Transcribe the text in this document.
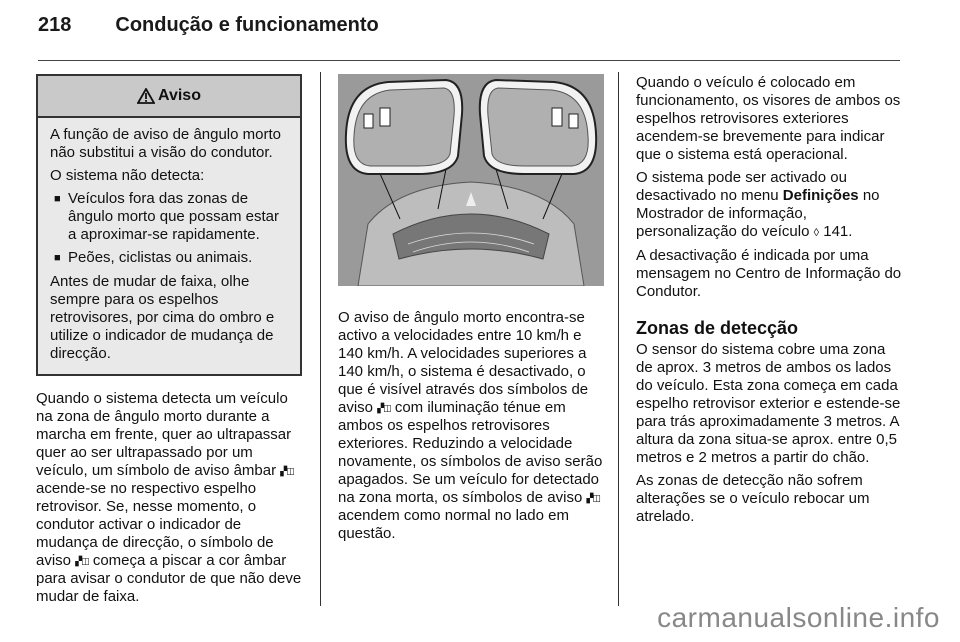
218 Condução e funcionamento
Aviso

A função de aviso de ângulo morto não substitui a visão do condutor.

O sistema não detecta:

■ Veículos fora das zonas de ângulo morto que possam estar a aproximar-se rapidamente.
■ Peões, ciclistas ou animais.

Antes de mudar de faixa, olhe sempre para os espelhos retrovisores, por cima do ombro e utilize o indicador de mudança de direcção.

Quando o sistema detecta um veículo na zona de ângulo morto durante a marcha em frente, quer ao ultrapassar quer ao ser ultrapassado por um veículo, um símbolo de aviso âmbar ▞◫ acende-se no respectivo espelho retrovisor. Se, nesse momento, o condutor activar o indicador de mudança de direcção, o símbolo de aviso ▞◫ começa a piscar a cor âmbar para avisar o condutor de que não deve mudar de faixa.

O aviso de ângulo morto encontra-se activo a velocidades entre 10 km/h e 140 km/h. A velocidades superiores a 140 km/h, o sistema é desactivado, o que é visível através dos símbolos de aviso ▞◫ com iluminação ténue em ambos os espelhos retrovisores exteriores. Reduzindo a velocidade novamente, os símbolos de aviso serão apagados. Se um veículo for detectado na zona morta, os símbolos de aviso ▞◫ acendem como normal no lado em questão.

Quando o veículo é colocado em funcionamento, os visores de ambos os espelhos retrovisores exteriores acendem-se brevemente para indicar que o sistema está operacional.

O sistema pode ser activado ou desactivado no menu Definições no Mostrador de informação, personalização do veículo ◊ 141.

A desactivação é indicada por uma mensagem no Centro de Informação do Condutor.

Zonas de detecção

O sensor do sistema cobre uma zona de aprox. 3 metros de ambos os lados do veículo. Esta zona começa em cada espelho retrovisor exterior e estende-se para trás aproximadamente 3 metros. A altura da zona situa-se aprox. entre 0,5 metros e 2 metros a partir do chão.

As zonas de detecção não sofrem alterações se o veículo rebocar um atrelado.

carmanualsonline.info
